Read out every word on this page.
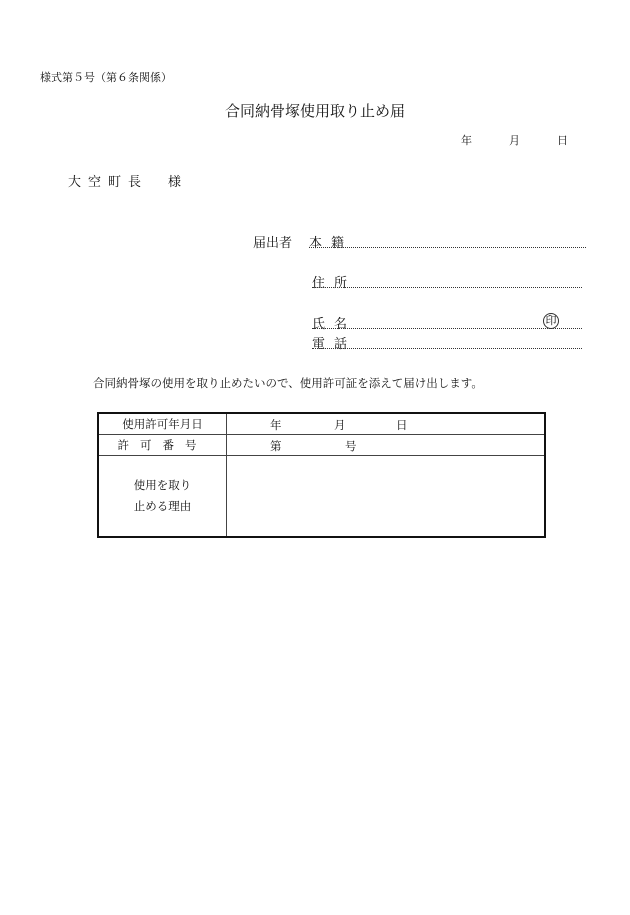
様式第５号（第６条関係）
合同納骨塚使用取り止め届
年	月	日
大空町長　様
届出者 本籍
住所
氏名	印
電話
合同納骨塚の使用を取り止めたいので、使用許可証を添えて届け出します。
使用許可年月日	年 月 日

許可番号	第 号

使用を取り
止める理由	
